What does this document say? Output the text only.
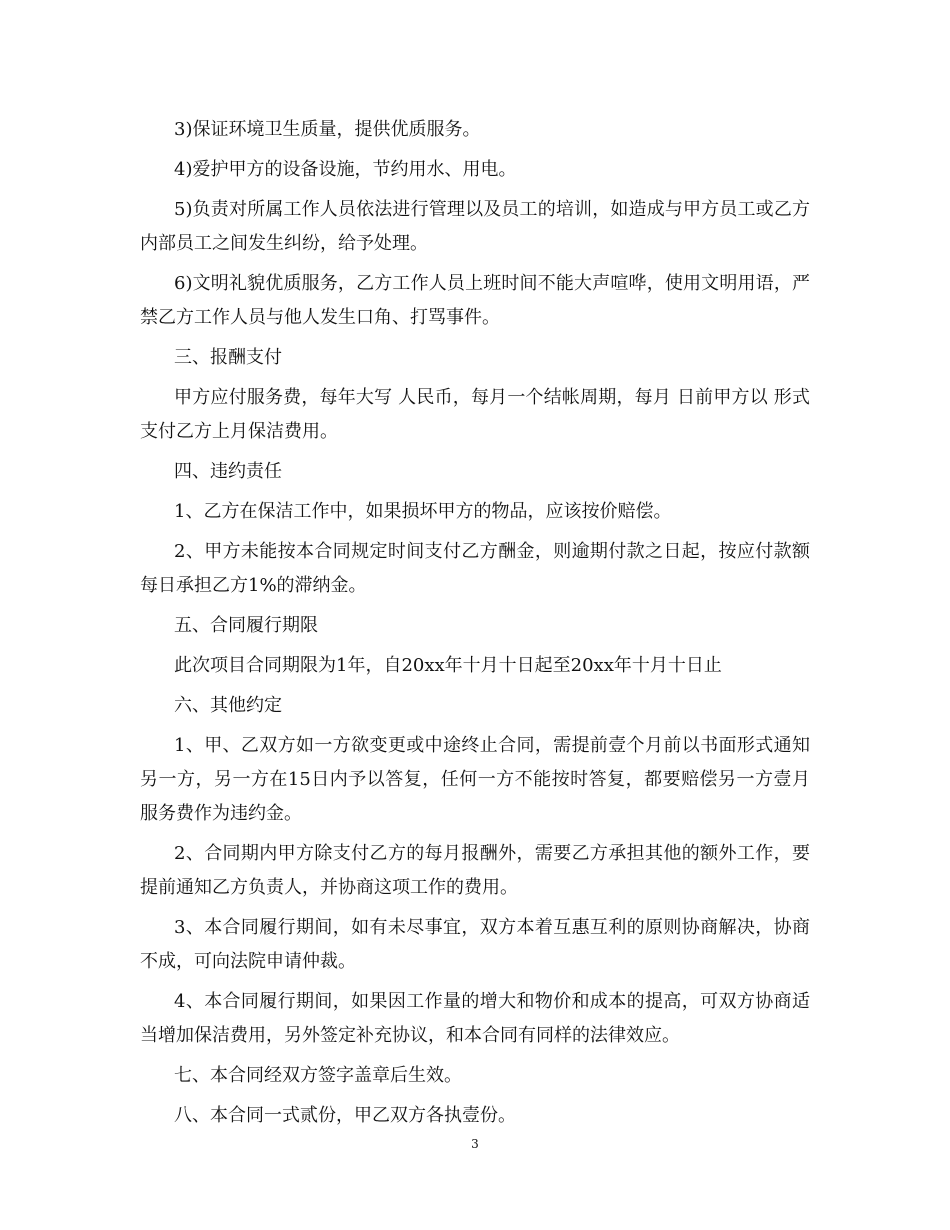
3)保证环境卫生质量，提供优质服务。

4)爱护甲方的设备设施，节约用水、用电。

5)负责对所属工作人员依法进行管理以及员工的培训，如造成与甲方员工或乙方内部员工之间发生纠纷，给予处理。

6)文明礼貌优质服务，乙方工作人员上班时间不能大声喧哗，使用文明用语，严禁乙方工作人员与他人发生口角、打骂事件。

三、报酬支付

甲方应付服务费，每年大写 人民币，每月一个结帐周期，每月 日前甲方以 形式支付乙方上月保洁费用。

四、违约责任

1、乙方在保洁工作中，如果损坏甲方的物品，应该按价赔偿。

2、甲方未能按本合同规定时间支付乙方酬金，则逾期付款之日起，按应付款额每日承担乙方1%的滞纳金。

五、合同履行期限

此次项目合同期限为1年，自20xx年十月十日起至20xx年十月十日止

六、其他约定

1、甲、乙双方如一方欲变更或中途终止合同，需提前壹个月前以书面形式通知另一方，另一方在15日内予以答复，任何一方不能按时答复，都要赔偿另一方壹月服务费作为违约金。

2、合同期内甲方除支付乙方的每月报酬外，需要乙方承担其他的额外工作，要提前通知乙方负责人，并协商这项工作的费用。

3、本合同履行期间，如有未尽事宜，双方本着互惠互利的原则协商解决，协商不成，可向法院申请仲裁。

4、本合同履行期间，如果因工作量的增大和物价和成本的提高，可双方协商适当增加保洁费用，另外签定补充协议，和本合同有同样的法律效应。

七、本合同经双方签字盖章后生效。

八、本合同一式贰份，甲乙双方各执壹份。

3
